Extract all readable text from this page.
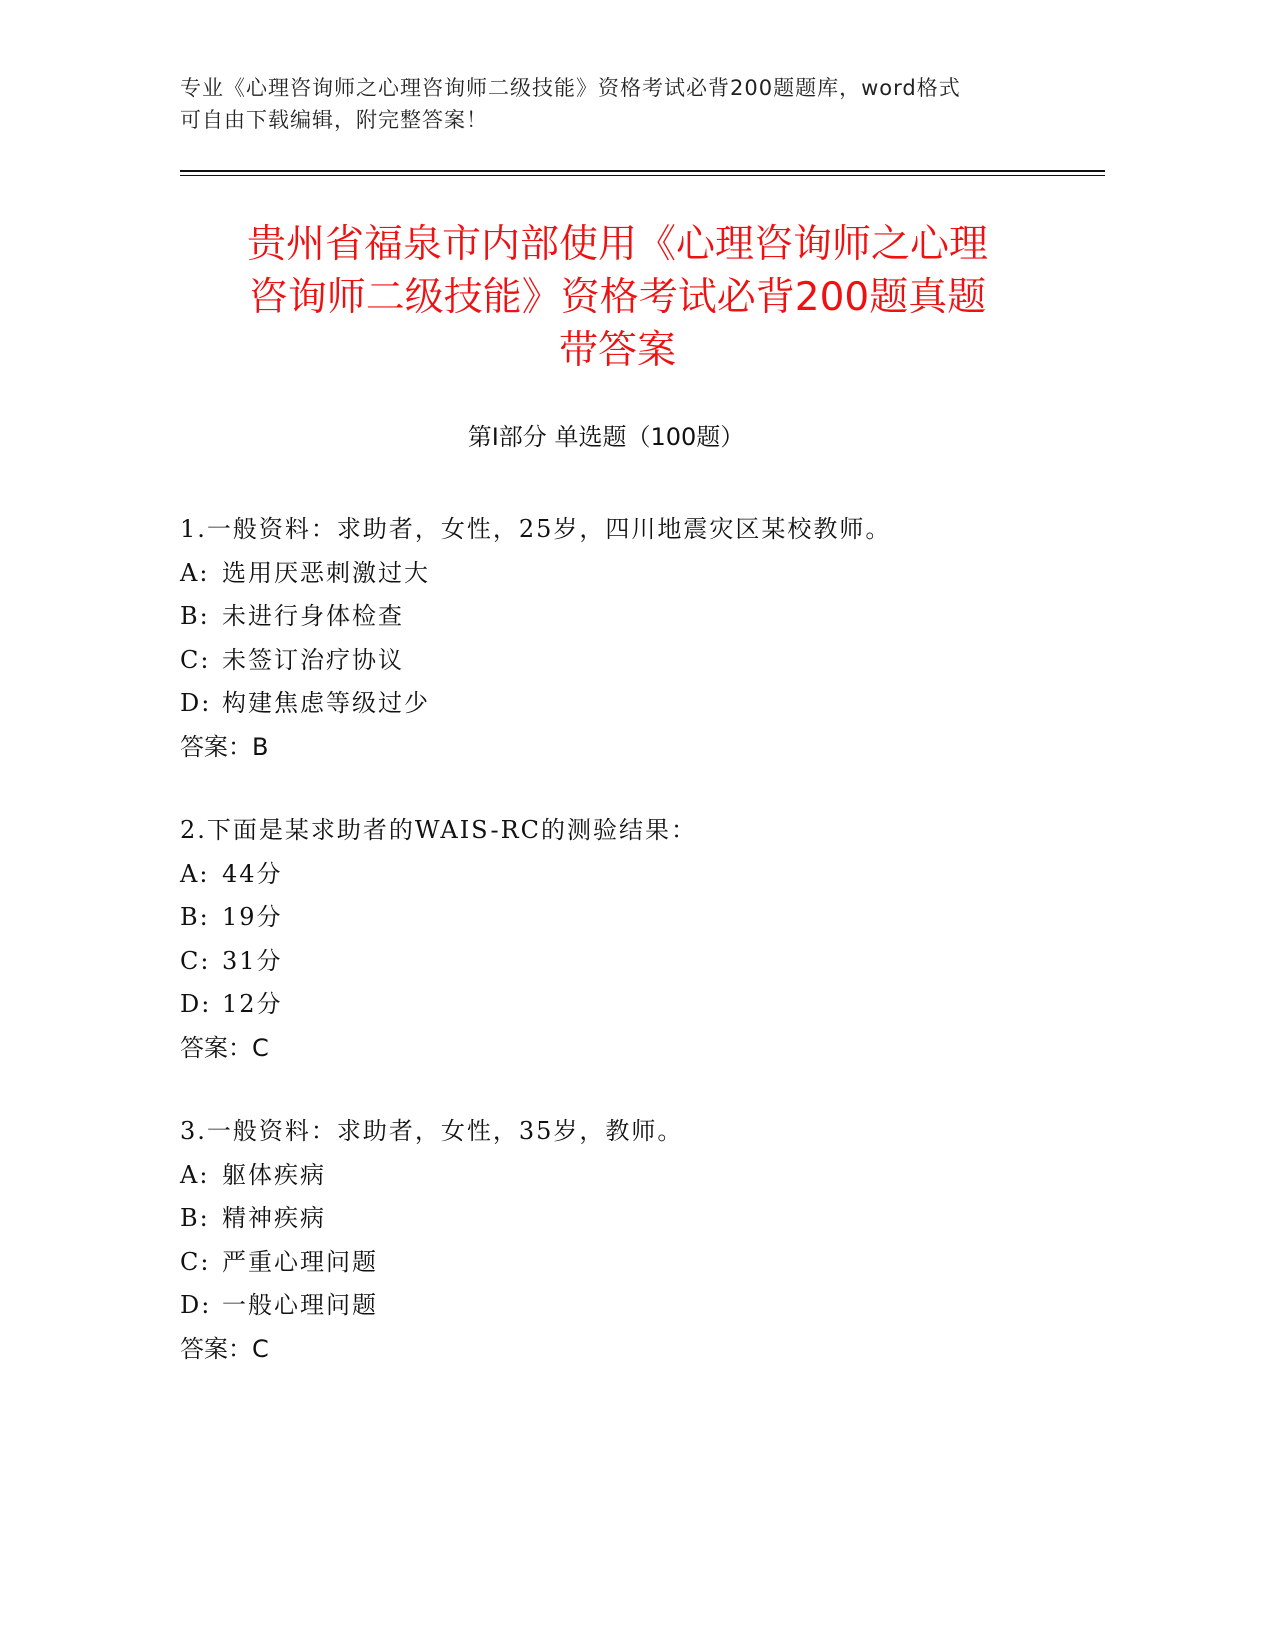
专业《心理咨询师之心理咨询师二级技能》资格考试必背200题题库，word格式
可自由下载编辑，附完整答案！
贵州省福泉市内部使用《心理咨询师之心理
咨询师二级技能》资格考试必背200题真题
带答案
第Ⅰ部分 单选题（100题）
1.一般资料：求助者，女性，25岁，四川地震灾区某校教师。
A: 选用厌恶刺激过大
B: 未进行身体检查
C: 未签订治疗协议
D: 构建焦虑等级过少
答案：B
2.下面是某求助者的WAIS-RC的测验结果：
A: 44分
B: 19分
C: 31分
D: 12分
答案：C
3.一般资料：求助者，女性，35岁，教师。
A: 躯体疾病
B: 精神疾病
C: 严重心理问题
D: 一般心理问题
答案：C
